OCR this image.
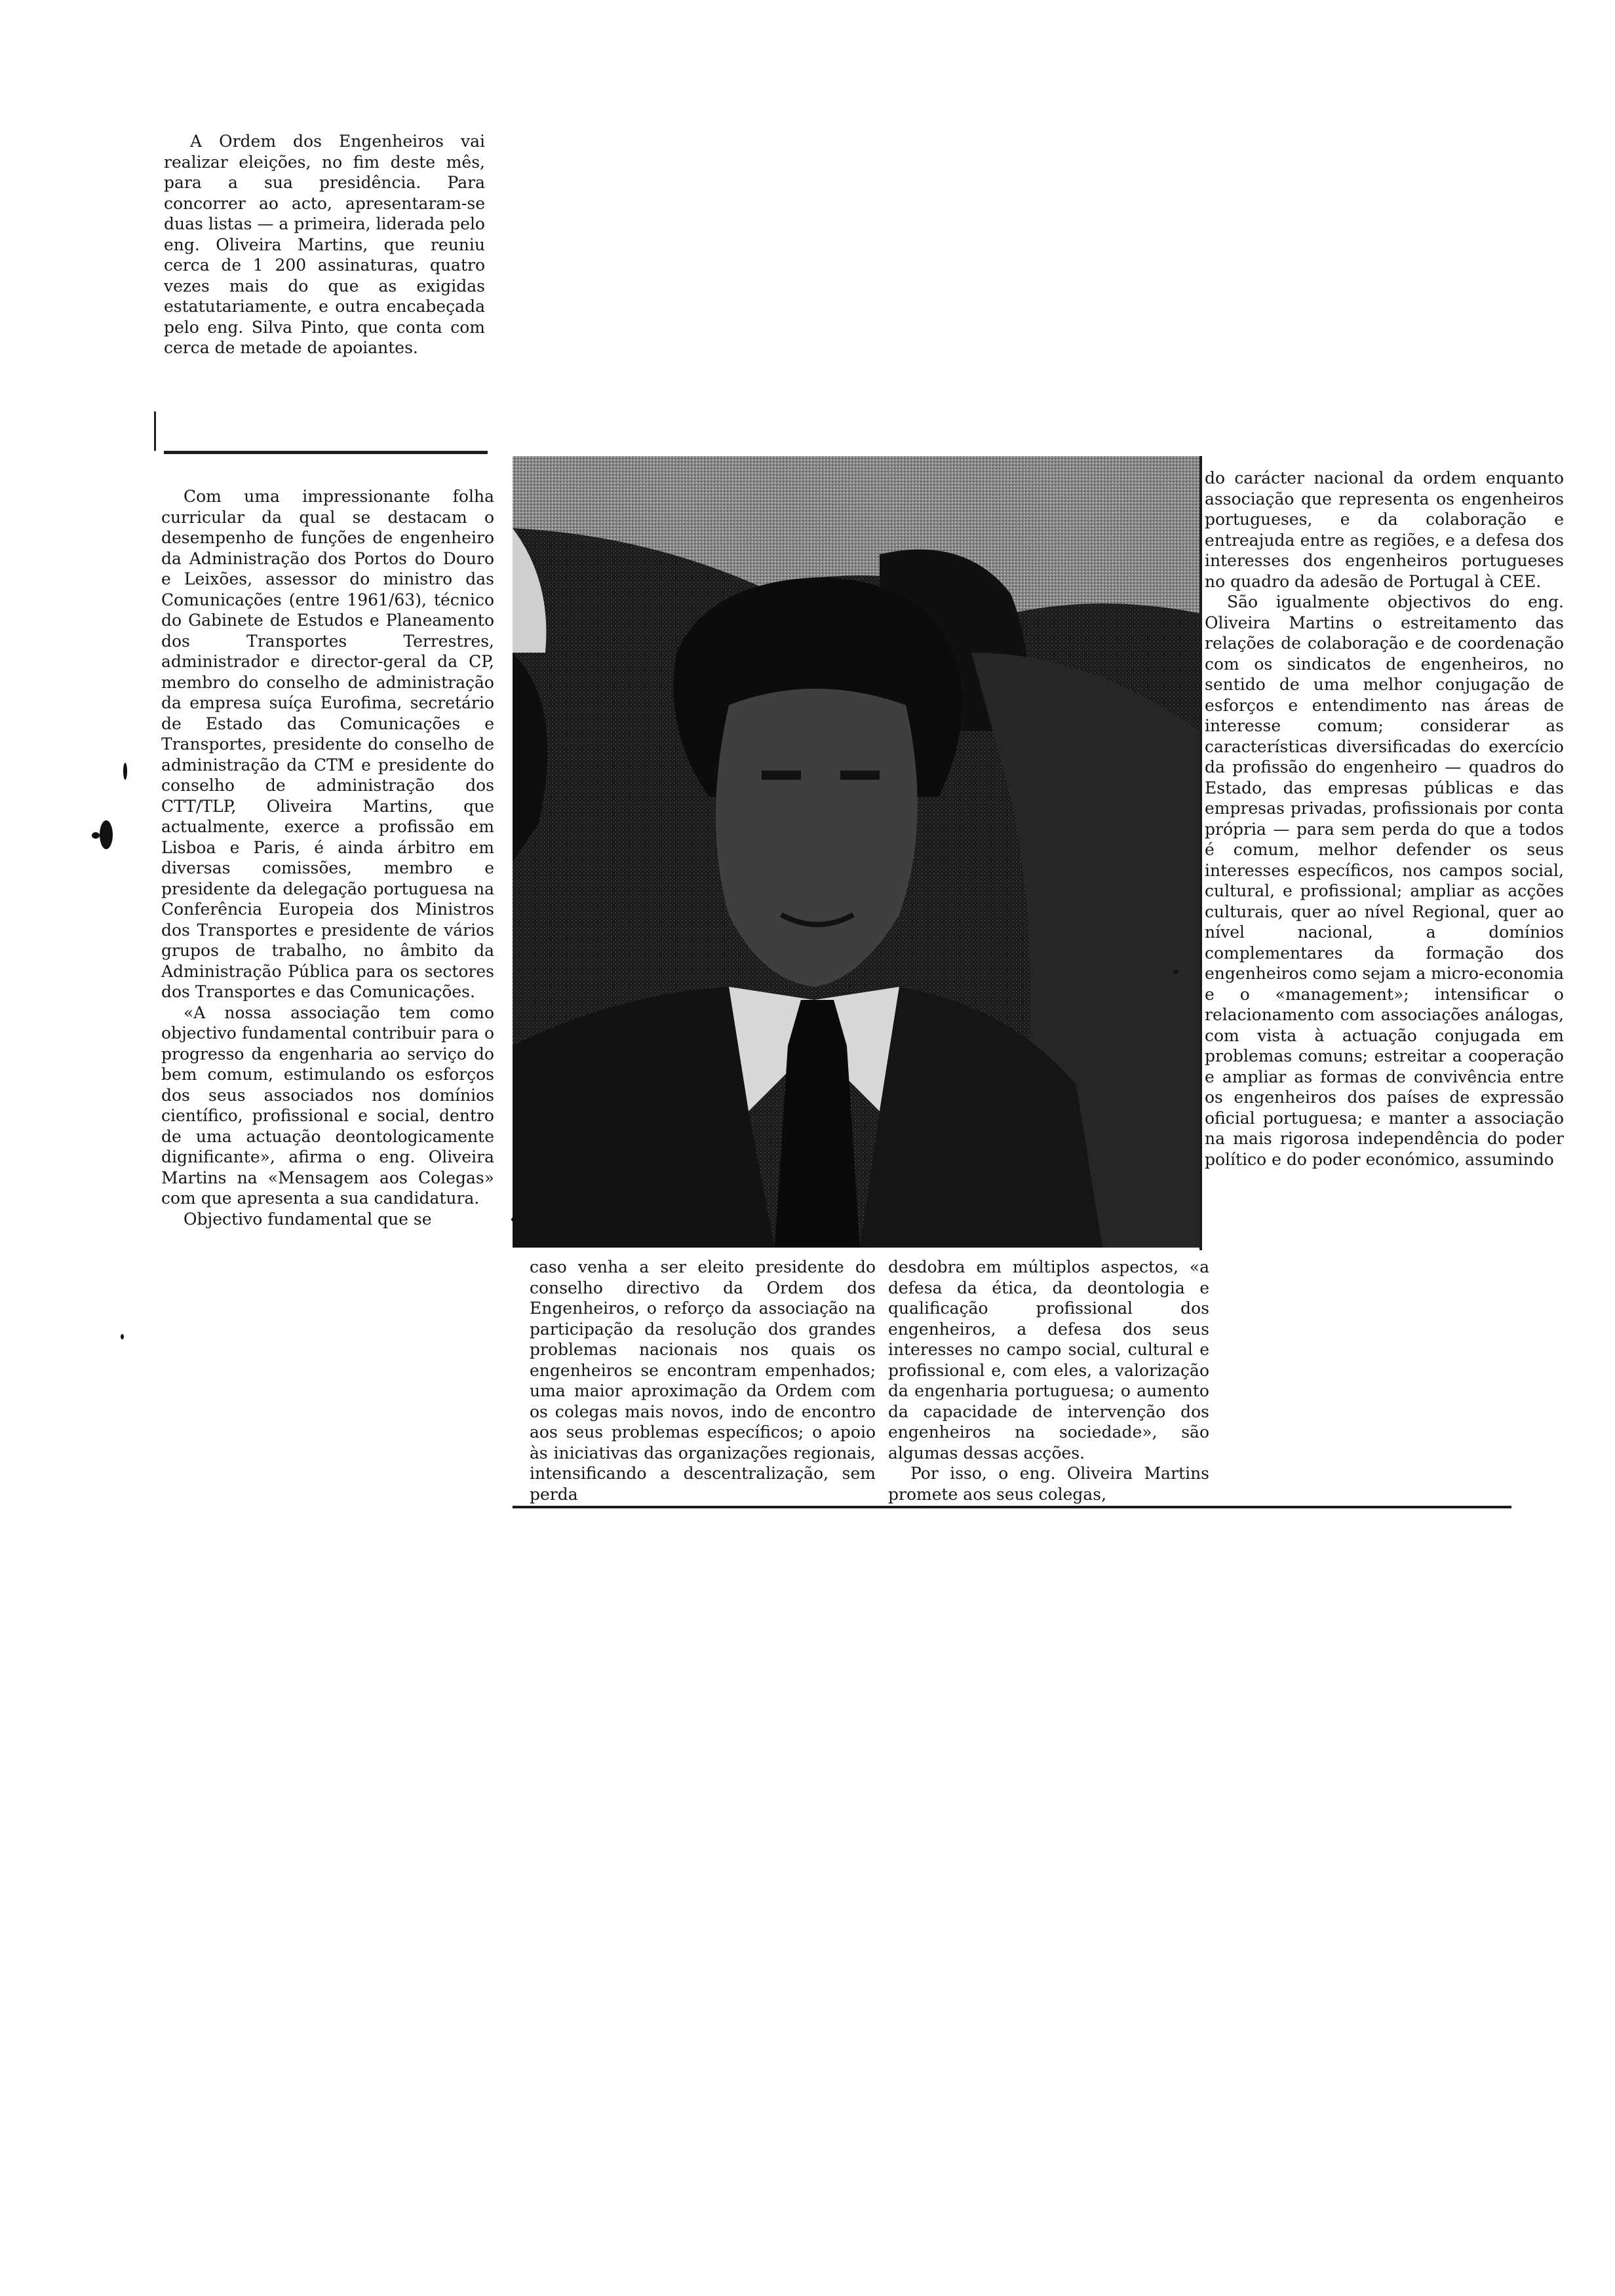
A Ordem dos Engenheiros vai realizar eleições, no fim deste mês, para a sua presidência. Para concorrer ao acto, apresentaram-se duas listas — a primeira, liderada pelo eng. Oliveira Martins, que reuniu cerca de 1 200 assinaturas, quatro vezes mais do que as exigidas estatutariamente, e outra encabeçada pelo eng. Silva Pinto, que conta com cerca de metade de apoiantes.

Com uma impressionante folha curricular da qual se destacam o desempenho de funções de engenheiro da Administração dos Portos do Douro e Leixões, assessor do ministro das Comunicações (entre 1961/63), técnico do Gabinete de Estudos e Planeamento dos Transportes Terrestres, administrador e director-geral da CP, membro do conselho de administração da empresa suíça Eurofima, secretário de Estado das Comunicações e Transportes, presidente do conselho de administração da CTM e presidente do conselho de administração dos CTT/TLP, Oliveira Martins, que actualmente, exerce a profissão em Lisboa e Paris, é ainda árbitro em diversas comissões, membro e presidente da delegação portuguesa na Conferência Europeia dos Ministros dos Transportes e presidente de vários grupos de trabalho, no âmbito da Administração Pública para os sectores dos Transportes e das Comunicações.

«A nossa associação tem como objectivo fundamental contribuir para o progresso da engenharia ao serviço do bem comum, estimulando os esforços dos seus associados nos domínios científico, profissional e social, dentro de uma actuação deontologicamente dignificante», afirma o eng. Oliveira Martins na «Mensagem aos Colegas» com que apresenta a sua candidatura.

Objectivo fundamental que se

caso venha a ser eleito presidente do conselho directivo da Ordem dos Engenheiros, o reforço da associação na participação da resolução dos grandes problemas nacionais nos quais os engenheiros se encontram empenhados; uma maior aproximação da Ordem com os colegas mais novos, indo de encontro aos seus problemas específicos; o apoio às iniciativas das organizações regionais, intensificando a descentralização, sem perda

desdobra em múltiplos aspectos, «a defesa da ética, da deontologia e qualificação profissional dos engenheiros, a defesa dos seus interesses no campo social, cultural e profissional e, com eles, a valorização da engenharia portuguesa; o aumento da capacidade de intervenção dos engenheiros na sociedade», são algumas dessas acções.

Por isso, o eng. Oliveira Martins promete aos seus colegas,

do carácter nacional da ordem enquanto associação que representa os engenheiros portugueses, e da colaboração e entreajuda entre as regiões, e a defesa dos interesses dos engenheiros portugueses no quadro da adesão de Portugal à CEE.

São igualmente objectivos do eng. Oliveira Martins o estreitamento das relações de colaboração e de coordenação com os sindicatos de engenheiros, no sentido de uma melhor conjugação de esforços e entendimento nas áreas de interesse comum; considerar as características diversificadas do exercício da profissão do engenheiro — quadros do Estado, das empresas públicas e das empresas privadas, profissionais por conta própria — para sem perda do que a todos é comum, melhor defender os seus interesses específicos, nos campos social, cultural, e profissional; ampliar as acções culturais, quer ao nível Regional, quer ao nível nacional, a domínios complementares da formação dos engenheiros como sejam a micro-economia e o «management»; intensificar o relacionamento com associações análogas, com vista à actuação conjugada em problemas comuns; estreitar a cooperação e ampliar as formas de convivência entre os engenheiros dos países de expressão oficial portuguesa; e manter a associação na mais rigorosa independência do poder político e do poder económico, assumindo
